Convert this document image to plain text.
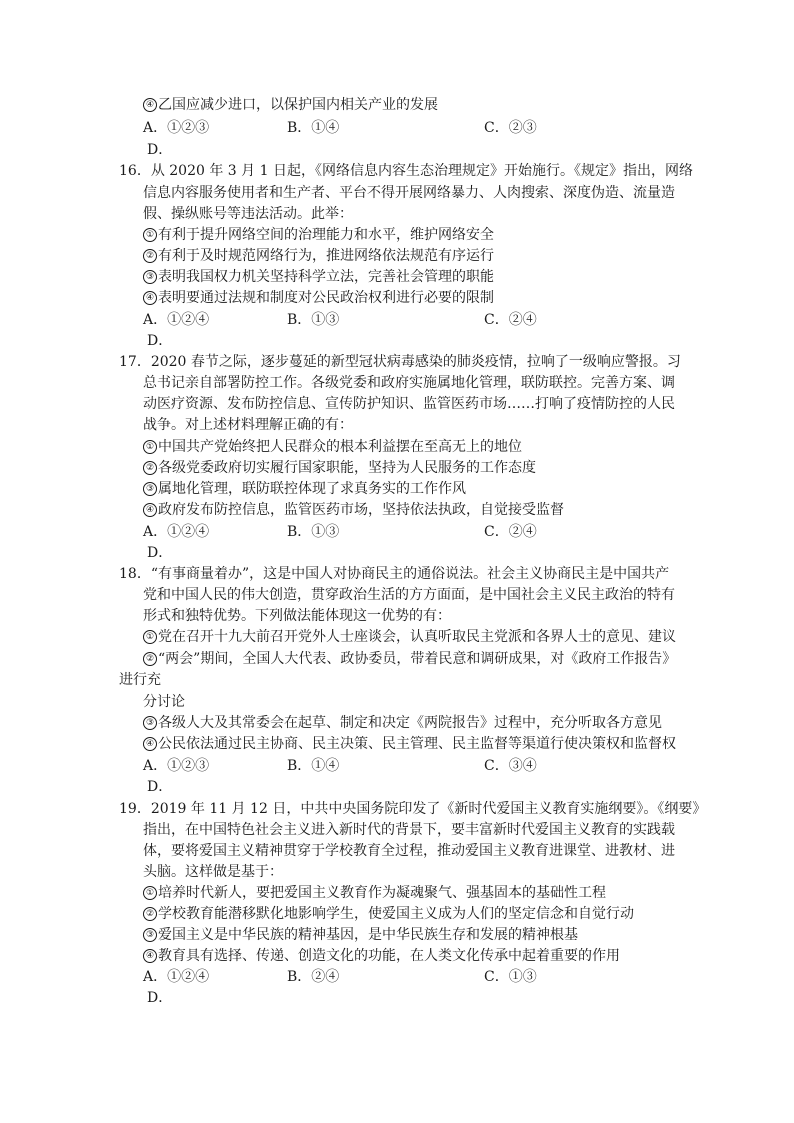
④ 乙国应减少进口，以保护国内相关产业的发展
A．①②③	B．①④	C．②③
D．
16．从 2020 年 3 月 1 日起，《网络信息内容生态治理规定》开始施行。《规定》指出，网络
信息内容服务使用者和生产者、平台不得开展网络暴力、人肉搜索、深度伪造、流量造
假、操纵账号等违法活动。此举：
① 有利于提升网络空间的治理能力和水平，维护网络安全
② 有利于及时规范网络行为，推进网络依法规范有序运行
③ 表明我国权力机关坚持科学立法，完善社会管理的职能
④ 表明要通过法规和制度对公民政治权利进行必要的限制
A．①②④	B．①③	C．②④
D．
17．2020 春节之际，逐步蔓延的新型冠状病毒感染的肺炎疫情，拉响了一级响应警报。习
总书记亲自部署防控工作。各级党委和政府实施属地化管理，联防联控。完善方案、调
动医疗资源、发布防控信息、宣传防护知识、监管医药市场……打响了疫情防控的人民
战争。对上述材料理解正确的有：
① 中国共产党始终把人民群众的根本利益摆在至高无上的地位
② 各级党委政府切实履行国家职能，坚持为人民服务的工作态度
③ 属地化管理，联防联控体现了求真务实的工作作风
④ 政府发布防控信息，监管医药市场，坚持依法执政，自觉接受监督
A．①②④	B．①③	C．②④
D．
18．“有事商量着办”，这是中国人对协商民主的通俗说法。社会主义协商民主是中国共产
党和中国人民的伟大创造，贯穿政治生活的方方面面，是中国社会主义民主政治的特有
形式和独特优势。下列做法能体现这一优势的有：
① 党在召开十九大前召开党外人士座谈会，认真听取民主党派和各界人士的意见、建议
② “两会”期间，全国人大代表、政协委员，带着民意和调研成果，对《政府工作报告》
进行充
分讨论
③ 各级人大及其常委会在起草、制定和决定《两院报告》过程中，充分听取各方意见
④ 公民依法通过民主协商、民主决策、民主管理、民主监督等渠道行使决策权和监督权
A．①②③	B．①④	C．③④
D．
19．2019 年 11 月 12 日，中共中央国务院印发了《新时代爱国主义教育实施纲要》。《纲要》
指出，在中国特色社会主义进入新时代的背景下，要丰富新时代爱国主义教育的实践载
体，要将爱国主义精神贯穿于学校教育全过程，推动爱国主义教育进课堂、进教材、进
头脑。这样做是基于：
① 培养时代新人，要把爱国主义教育作为凝魂聚气、强基固本的基础性工程
② 学校教育能潜移默化地影响学生，使爱国主义成为人们的坚定信念和自觉行动
③ 爱国主义是中华民族的精神基因，是中华民族生存和发展的精神根基
④ 教育具有选择、传递、创造文化的功能，在人类文化传承中起着重要的作用
A．①②④	B．②④	C．①③
D．
